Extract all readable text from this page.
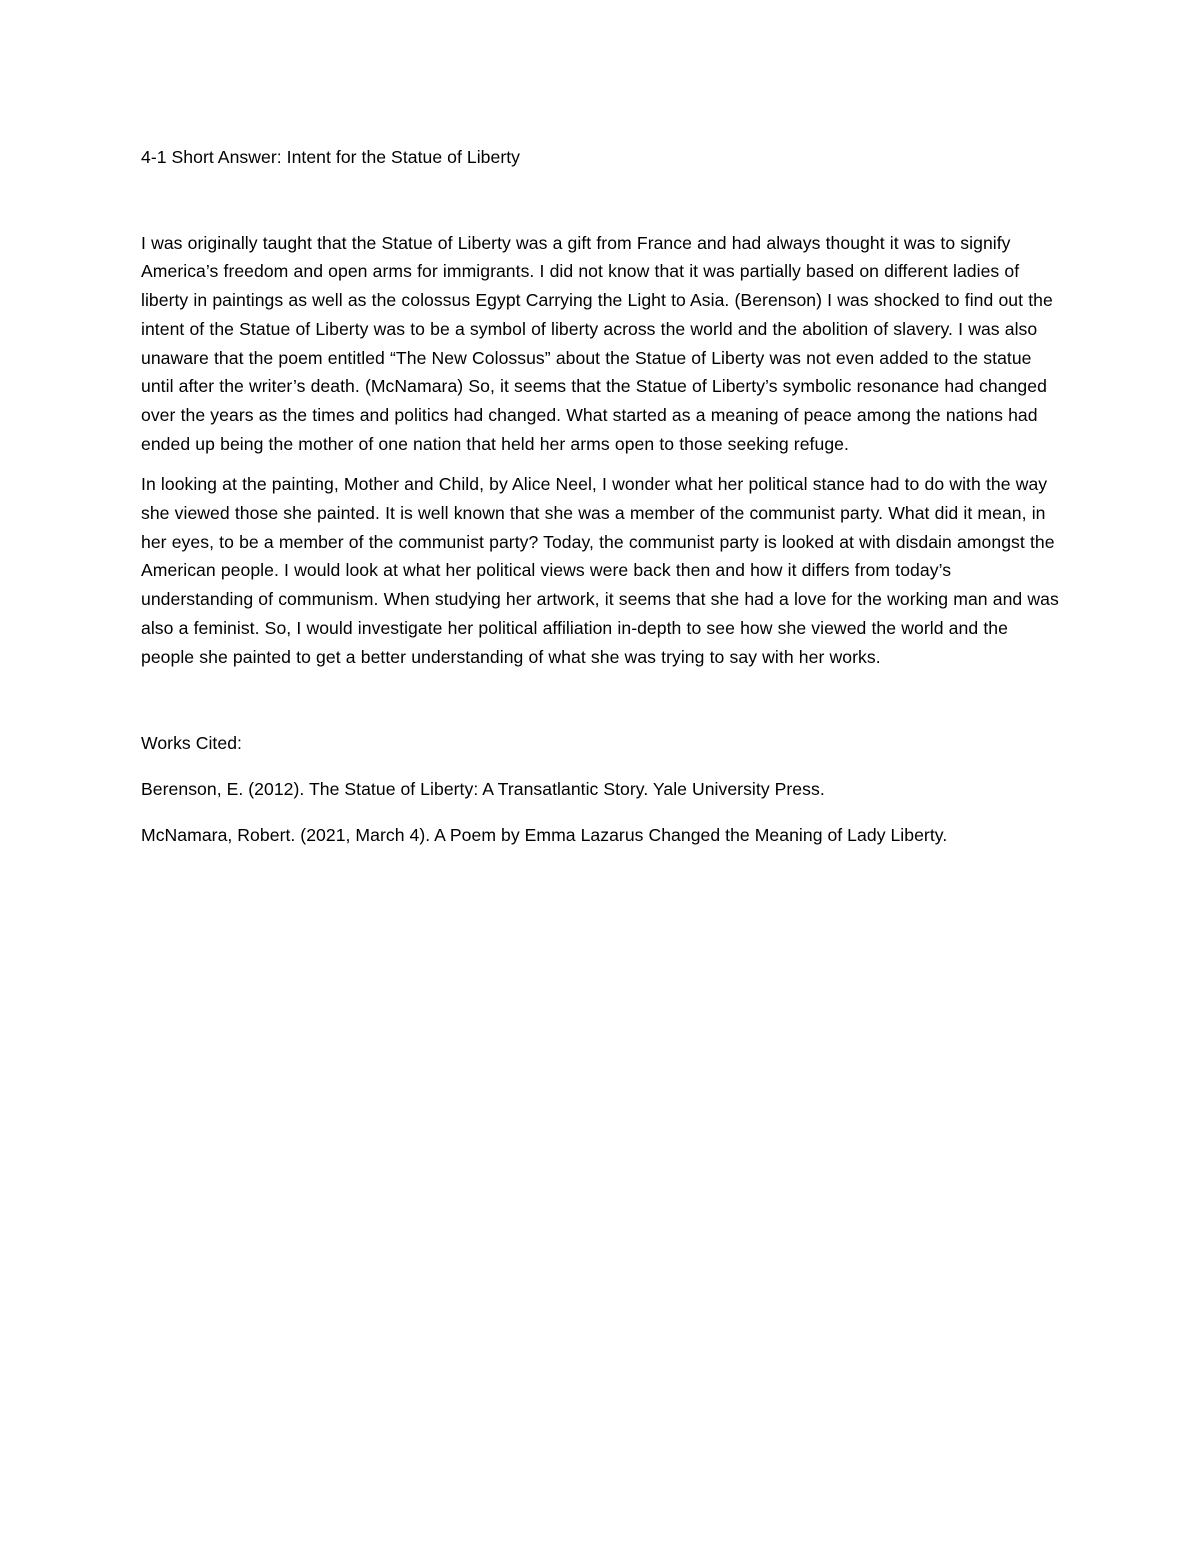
4-1 Short Answer: Intent for the Statue of Liberty

I was originally taught that the Statue of Liberty was a gift from France and had always thought it was to signify America’s freedom and open arms for immigrants. I did not know that it was partially based on different ladies of liberty in paintings as well as the colossus Egypt Carrying the Light to Asia. (Berenson) I was shocked to find out the intent of the Statue of Liberty was to be a symbol of liberty across the world and the abolition of slavery. I was also unaware that the poem entitled “The New Colossus” about the Statue of Liberty was not even added to the statue until after the writer’s death. (McNamara) So, it seems that the Statue of Liberty’s symbolic resonance had changed over the years as the times and politics had changed. What started as a meaning of peace among the nations had ended up being the mother of one nation that held her arms open to those seeking refuge.

In looking at the painting, Mother and Child, by Alice Neel, I wonder what her political stance had to do with the way she viewed those she painted. It is well known that she was a member of the communist party. What did it mean, in her eyes, to be a member of the communist party? Today, the communist party is looked at with disdain amongst the American people. I would look at what her political views were back then and how it differs from today’s understanding of communism. When studying her artwork, it seems that she had a love for the working man and was also a feminist. So, I would investigate her political affiliation in-depth to see how she viewed the world and the people she painted to get a better understanding of what she was trying to say with her works.

Works Cited:

Berenson, E. (2012). The Statue of Liberty: A Transatlantic Story. Yale University Press.

McNamara, Robert. (2021, March 4). A Poem by Emma Lazarus Changed the Meaning of Lady Liberty.
